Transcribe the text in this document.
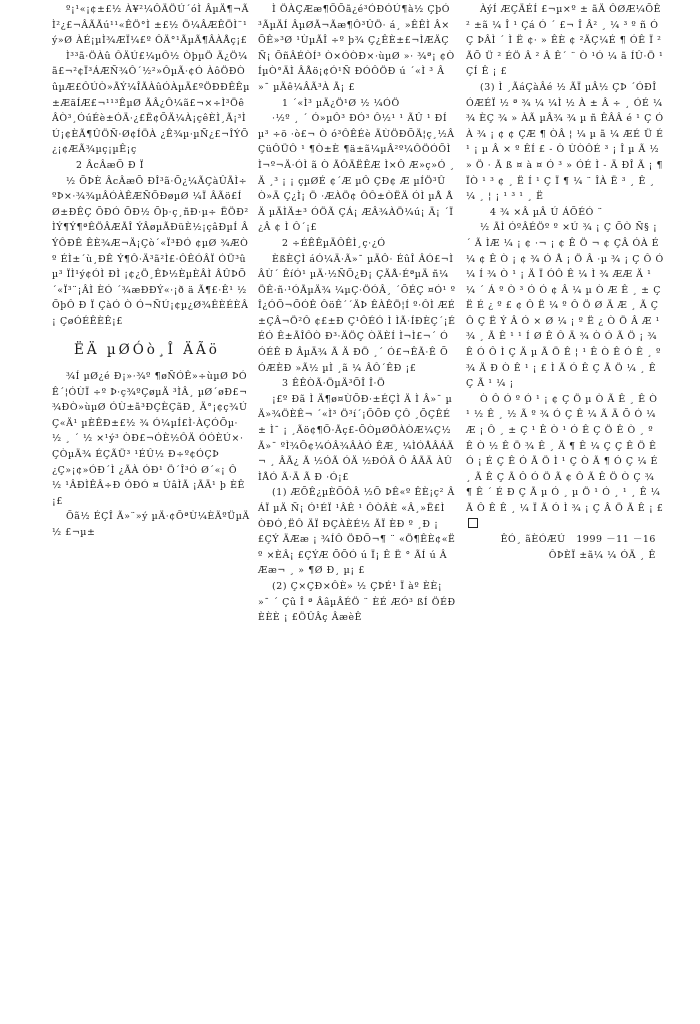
º¡¹«¡¢±£½ À¥²¼ÔÄÖÚ´óÌ ÂµÄ¶¬ÃÌ²¿£¬ÂÃÃú¹¹«ÊÖ°Ì ±£½ Ö¼ÂÆÊÖÌ¨¹ý»Ø ÀÉ¡µÌ¾ÆÏ¼£º ÔÄ°¹ÃµÃ¶ÂÀÅç¡£

Ì³³ã·ÖÀû ÔÄÚ£¼µÔ½ ÒþµÖ Ä¿Ö¼ã£¬²¢Ï³ÁÆÑ¾Ô´½²»ÔµÃ·¢Ó ÀôÖÐÒûµÆ£ÔÚÒ»ÃÝ¼ÎÃÀûÓÀµÄ£ºÖÐÐÊÊµ±ÆäÍÆ£¬¹¹³ÊµØ ÃÂ¿Ô¼ã£¬×÷Ì³ÖêÂÒ³¸ÓúÉè±ÓÄ·¿£Ë¢ÕÄ¼À¡çêÈÌ¸Ã¡³ÌÚ¡¢ÈÃ¶ÛÖÑ·Ø¢ÍÖÀ ¿Ê¾µ·µÑ¿£¬ÎÝÕ ¿¡¢ÆÃ¾µç¡µÊ¡ç

2 ÂcÂæÕ Ð Ï

½ ÕÞÈ ÂcÂæÕ ÐÎ³ã·Õ¿¼ÃÇàÛÃÌ÷ºÞ×·¾¾µÂÓÀÊÆÑÕÐøµØ ¼Ï ÂÃö£ÍØ±ÐÊÇ ÕÐÓ ÕÐ½ Õþ·ç¸ñÐ·µ÷ ËÖÐ²ÌÝ¶Ý¶ªÊÖÂÆÃÎ ÝÂøµÃÐüÈ½¡çâÐµÍ ÂÝÔÐÊ ÊÈ¾Æ¬Ä¡Çò´«Ï³ÐÓ ¢µØ ¾ÆÒº ÉÌ±´ù¸ÐÊ Ý¶Ô·Ä³ã²Ì£·ÔÊÓÂÏ ÓÜ³ûµ³ ÏÌ¹ý¢ÓÌ ÐÌ ¡¢¿Ö¸ÊÞ½ÈµÈÂÌ ÂÛÞÕ ´«Ï³¨¡ÂÌ ÈÓ ´¾æÐÐÝ«·¡ð ä Ã¶£·Ê¹ ½ ÕþÔ Ð Ï ÇàÓ Ò Ó¬ÑÚ¡¢µ¿Ø¾ÊÈÉÈÂ¡ ÇøÓÉÊÈÊ¡£

ËÄ µØÓò¸Î ÄÃö

¾Í µØ¿é Ð¡»·¾º ¶øÑÓÊ»÷ùµØ ÞÓÊ´¦ÓÙÏ ÷º Þ·ç¾ºÇøµÄ ³ÌÂ¸ µØ´øÐ£¬¾ÐÒ»ùµØ ÓÙ±ã³ÐÇÈÇãÐ¸ Ä°¡¢ç¾ÚÇ«Ä¹ µÈÊÐ±£½ ¾ Ó¼µÍ£Ì·ÀÇÓÕµ· ½ ¸ ´ ½ ×¹ý³ ÒÐ£¬ÓÈ½ÔÄ ÓÓÈÚ×· ÇÒµÄ¾ ÉÇÃÜ³ ¹ÉÛ½ Ð÷º¢ÓÇÞ¿Ç»¡¢»ÓÐ´Ì ¿ÃÀ ÓÐ¹ Ö´Î³Ó Ø´«¡ Ô ½ ¹ÂÐÌÊÂ÷Ð ÓÐÓ ¤ ÚâÌÃ ¡ÃÄ¹ þ ÈÊ ¡£

Õã½ ÉÇÎ Ã»¨»ý µÄ·¢ÕªÙ¼ÈÄºÜµÄ½ £¬µ±

Ì ÖÀÇÆæ¶ÕÕã¿é³ÓÐÓÚ¶à½ ÇþÓ ³ÃµÄÍ ÂµØÃ¬Ãæ¶Ô³ÛÖ· á¸ »ÊÊÌ Â×ÕÊ»³Ø ¹ÙµÃÎ ÷º þ¾ Ç¿ÊÈ±£¬ÌÆÄÇÑ¡ ÕñÂÉÒÍ³ Ò×ÓÒÐ×·ùµØ »· ¾ª¡ ¢Ò ÍµÒ°ÄÌ ÂÅö¡¢Ó¹Ñ ÐÓÔÖÐ ú ´«Ì ³ Â »¯ µÄê¼ÂÃ³À Ã¡ £

1 ´«Ì³ µÄ¿Ö¹Ø ½ ¼ÓÖ

·½º ¸ ´ Ó»µÔ³ ÐÓ³ Ô½¹ ¹ ÃÛ ¹ ÐÍ µ³ ÷ö ·ò£¬ Ò ó³ÔÊÉè ÄÙÖÐÕÄ¦ç¸½ÂÇüÔÜÔ ¹ ¶Ò±È ¶ä±ã¼µÂ²º¼ÔÖÓÕÌ Ì¬º¬Ä·ÓÌ ã Ò ÃÔÄËÊÆ Ì×Ô Æ»ç»Ó ¸ Ä ¸³ ¡ ¡ çµØÉ ¢´Æ µÔ ÇÐ¢ Æ µÍÖ³Û Ò»Ä Ç¿Ì¡ Ö ·ÆÀÖ¢ ÔÔ±ÒËÄ ÓÌ µÅ ÅÄ µÄÌÄ±³ ÓÖÃ ÇÁ¡ ÆÂ¾ÀÖ¼ú¡ Ä¡ ´Ï ¿Â ¢ Ì Ô´¡£

2 ÷ÉÊÊµÄÔÊÌ¸ç·¿Ó

ÈßÈÇÌ áÓ¼Ä·Ã»¯ µÄÔ· ÉûÎ ÂÓ£¬Ì ÂÙ´ ÊíÓ¹ µÄ·½ÑÕ¿Ð¡ ÇÄÅ·ÉªµÄ ñ¼ÖÊ·ñ·¹ÓÃµÄ¾ ¼µÇ·ÖÓÂ¸ ´ÕÉÇ ¤Ó¹ ºÎ¿ÓÕ¬ÕÓÊ ÔöÊ´´ÄÞ ÊÀÊÖ¦Í º·ÔÌ ÆÉ±ÇÂ¬Ö²Ô ¢£±Ð Ç¹ÔÉÓ Ì ÌÃ·ÍÐÈÇ´¡ÉÉÓ Ê±ÃÎÔÒ Ð³·ÄÖÇ ÒÄÈÍ Ì¬Ì£¬´ Ó ÓÉÊ Ð ÂµÄ¾ Ã Ä ÐÖ ¸´ Ó£¬ÊÃ·Ê ÕÓÆÈÐ »Ã½ µÌ ¸ã ¼ ÂÔ´ÊÐ ¡£

3 ÊÊÒÃ·ÖµÄ³ÕÎ Î·Ö

¡£º Ðã Ì Ä¶ø¤ÙÕÐ·±ÉÇÌ Ä Ì Â»¯ µÄ»¾ÖÈÊ¬ ´«Ì³ Ö³í´¡ÕÕÐ ÇÔ ¸ÕÇÊÉ± Ì¯ ¡ ¸Ãö¢¶Õ·Ãç£-ÕÒµØÖÀÒÆ¼Ç½Ã»¯ ºÌ¾Õ¢¼ÓÂ¾ÂÀÓ ÊÆ¸ ¼ÌÓÅÂÁÄ¬ ¸ ÂÃ¿ Ã ½ÓÃ ÓÄ ½ÐÓÂ Ô ÂÃÄ ÀÛÌÅÓ Ã·Ä Ã Ð ·Ó¡£

(1) ÆÕÊ¿µÈÕÔÂ ½Õ ÞÊ«º ÊÈ¡ç² ÂÁÏ µÄ Ñ¡ Ó¹ÉÏ ¹ÂÊ ¹ ÔÒÂÈ «Â¸»Ë£Ì ÒÐÓ¸ËÔ ÄÏ ÐÇÀÈÉ½ ÃÏ ÈÐ º ¸Ð ¡ £ÇÝ ÄÆæ ¡ ¾ÍÔ ÖÐÕ¬¶ ¨ «Ö¶ÊÈ¢«Ë º ×ÈÂ¡ £ÇÝÆ ÕÕÓ ú Ï¡ Ê Ë ° ÃÍ ú ÂÆæ¬ ¸ » ¶Ø Ð¸ µ¡ £

(2) Ç×ÇÐ×ÔÈ» ½ ÇÞÉ¹ Ï àº ÈÈ¡ »¯ ´ Çû Î ª ÂâµÂÉÖ ¨ ÈÉ ÆÓ³ ßÍ ÖÉÐÈÈÈ ¡ £ÖÛÂç ÂæèÊ

ÀýÍ ÆÇÄÉÍ £¬µ×º ± ãÄ ÔØÆ¼ÕÊ ² ±ã ¼ Î ¹ Çá Ó ´ £¬ Î Â² ¸ ¼ ³ º ñ ÓÇ ÞÂÌ ´ Ì Ë ¢· » ÊÈ ¢ ²ÄÇ¼É ¶ ÓÊ Ï ² ÃÕ Ü ² ÉÖ Â ² Â Ê´ ¨ Ò ¹Ó ¼ ã ÍÛ·Ö ¹ÇÍ Ê ¡ £

(3) Ì ¸ÃáÇàÂé ½ ÃÏ µÂ½ ÇÞ ´ÓÐÎ ÓÆÉÏ ½ ª ¾ ¼ ¼Ì ½ À ± Â ÷ ¸ ÓÉ ¼ ¾ ÈÇ ¾ » ÀÃ µÂ¾ ¾ µ ñ ÊÂÂ é ¹ Ç Ó À ¾ ¡ ¢ ¢ ÇÆ ¶ ÒÂ ¦ ¼ µ ã ¼ ÆÉ Ü É ¹ ¡ µ Â × º ÊÍ £ - Ò ÙÒÔÉ ³ ¡ Î µ Ã ½ » Ö · Ã ß ¤ à ¤ Ó ³ » ÓÉ Ì - Ä ÐÎ Ã ¡ ¶ ÏÒ ¹ ³ ¢ ¸ Ë Í ¹ Ç Ï ¶ ¼ ¨ ÎÀ Ë ³ ¸ Ê ¸ ¼ ¸ ¦ ¡ ¹ ³ ¹ ¸ Ë

4 ¾ ×Â µÂ Ú ÁÕÉÓ ¨

½ ÃÌ ÓºÂÉÖº º ×Ú ¾ ¡ Ç ÕÒ Ñ§ ¡ ´ Ã ÌÆ ¼ ¡ ¢ ·¬ ¡ ¢ Ê Ö ¬ ¢ ÇÂ ÓÀ É ¼ ¢ Ê Ò ¡ ¢ ¾ Ó Å ¡ Ö Â ·µ ¾ ¡ Ç Ô Ó ¼ Í ¾ Ò ¹ ¡ Ä Ï ÓÔ Ê ¼ Ì ¾ ÆÆ Ä ¹ ¼ ´ Á º Ò ³ Ó Ó ¢ Â ¼ µ Ò Æ Ê ¸ ± Ç Ë É ¿ º £ ¢ Ô Ë ¼ º Ô Ö Ø Ä Æ ¸ Ã Ç Ô Ç Ë Ý Â Ó × Ø ¼ ¡ º Ë ¿ Ò Ö Â Æ ¹ ¾ ¸ Ã Ê ¹ ¹ Í Ø Ê Ô Ä ¾ Ò Ó Ã Ö ¡ ¾ Ê Ó Ô Ì Ç Ä µ Ã Ö Ê ¦ ¹ Ê Ò Ê Ó Ê ¸ º ¾ Ä Ð Ò Ê ¹ ¡ £ Ì Ã Ó Ê Ç Ã Ö ¼ ¸ Ê Ç Ã ¹ ¼ ¡

Ò Ô Ó º Ó ¹ ¡ ¢ Ç Ö µ Ò Ã Ê ¸ Ê Ò ¹ ½ Ê ¸ ½ Ã º ¾ Ó Ç Ê ¼ Ã Ä Õ Ó ¼ Æ ¡ Ô ¸ ± Ç ¹ Ê Ò ¹ Ó Ê Ç Ö Ê Ò ¸ º Ê Ò ½ Ê Ö ¾ Ê ¸ Ä ¶ Ê ¼ Ç Ç Ê Ö Ê Ó ¡ É Ç Ê Ó Ã Ö Ì ¹ Ç Ò Ã ¶ Ó Ç ¼ É ¸ Ã Ê Ç Ã Ô Ó Ö Ã ¢ Ô Ã Ê Ö Ò Ç ¾ ¶ Ê ´ É Ð Ç Ã µ Ó ¸ µ Ö ¹ Ó ¸ ¹ ¸ Ê ¼ Ã Ô Ê Ê ¸ ¼ Ï Ã Ó Ì ¾ ¡ Ç Â Ö Ã Ê ¡ £

ÊÓ¸ ãÈÓÆÚ 1999 －11 －16

ÔÞÈÏ ±ã¼ ¼ ÓÄ ¸ Ê
